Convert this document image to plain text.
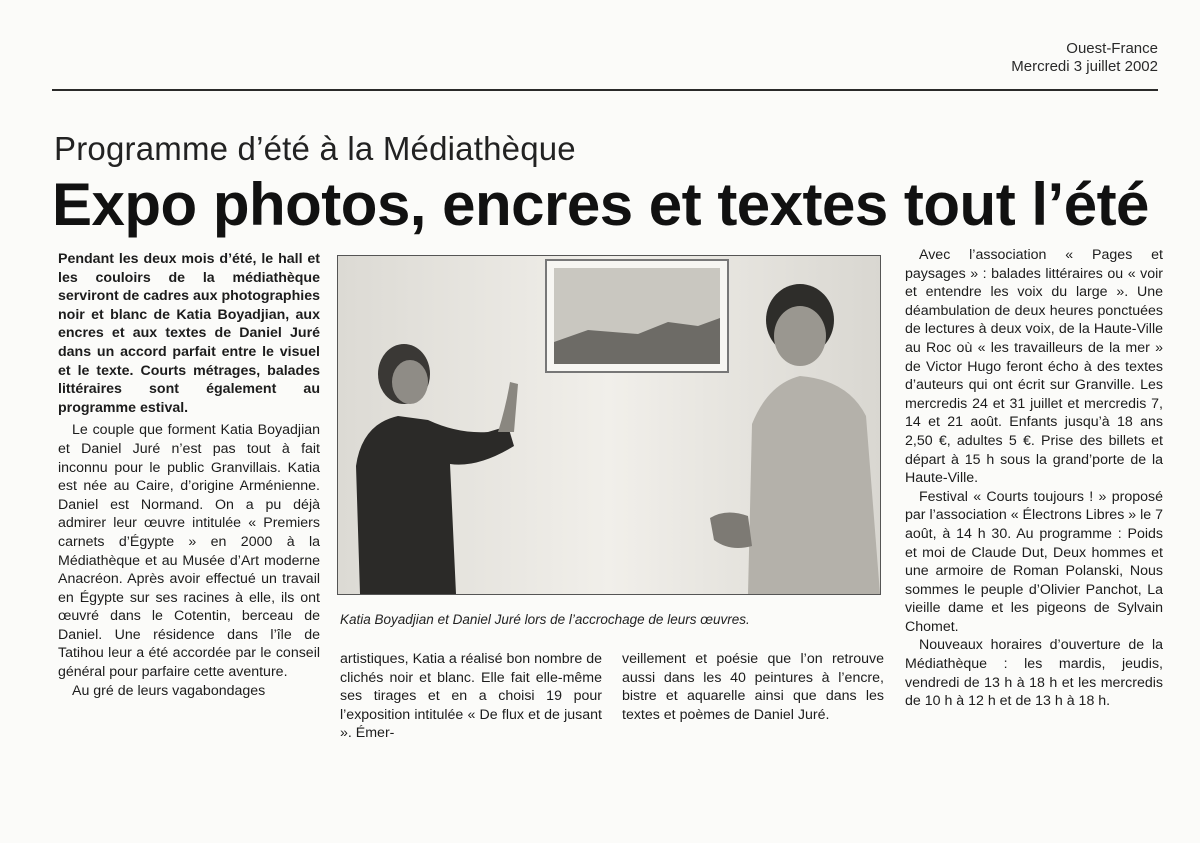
Ouest-France
Mercredi 3 juillet 2002
Programme d’été à la Médiathèque
Expo photos, encres et textes tout l’été

Pendant les deux mois d’été, le hall et les couloirs de la médiathèque serviront de cadres aux photographies noir et blanc de Katia Boyadjian, aux encres et aux textes de Daniel Juré dans un accord parfait entre le visuel et le texte. Courts métrages, balades littéraires sont également au programme estival.

Le couple que forment Katia Boyadjian et Daniel Juré n’est pas tout à fait inconnu pour le public Granvillais. Katia est née au Caire, d’origine Arménienne. Daniel est Normand. On a pu déjà admirer leur œuvre intitulée « Premiers carnets d’Égypte » en 2000 à la Médiathèque et au Musée d’Art moderne Anacréon. Après avoir effectué un travail en Égypte sur ses racines à elle, ils ont œuvré dans le Cotentin, berceau de Daniel. Une résidence dans l’île de Tatihou leur a été accordée par le conseil général pour parfaire cette aventure.

Au gré de leurs vagabondages

Katia Boyadjian et Daniel Juré lors de l’accrochage de leurs œuvres.

artistiques, Katia a réalisé bon nombre de clichés noir et blanc. Elle fait elle-même ses tirages et en a choisi 19 pour l’exposition intitulée « De flux et de jusant ». Émer-

veillement et poésie que l’on retrouve aussi dans les 40 peintures à l’encre, bistre et aquarelle ainsi que dans les textes et poèmes de Daniel Juré.

Avec l’association « Pages et paysages » : balades littéraires ou « voir et entendre les voix du large ». Une déambulation de deux heures ponctuées de lectures à deux voix, de la Haute-Ville au Roc où « les travailleurs de la mer » de Victor Hugo feront écho à des textes d’auteurs qui ont écrit sur Granville. Les mercredis 24 et 31 juillet et mercredis 7, 14 et 21 août. Enfants jusqu’à 18 ans 2,50 €, adultes 5 €. Prise des billets et départ à 15 h sous la grand’porte de la Haute-Ville.

Festival « Courts toujours ! » proposé par l’association « Électrons Libres » le 7 août, à 14 h 30. Au programme : Poids et moi de Claude Dut, Deux hommes et une armoire de Roman Polanski, Nous sommes le peuple d’Olivier Panchot, La vieille dame et les pigeons de Sylvain Chomet.

Nouveaux horaires d’ouverture de la Médiathèque : les mardis, jeudis, vendredi de 13 h à 18 h et les mercredis de 10 h à 12 h et de 13 h à 18 h.
